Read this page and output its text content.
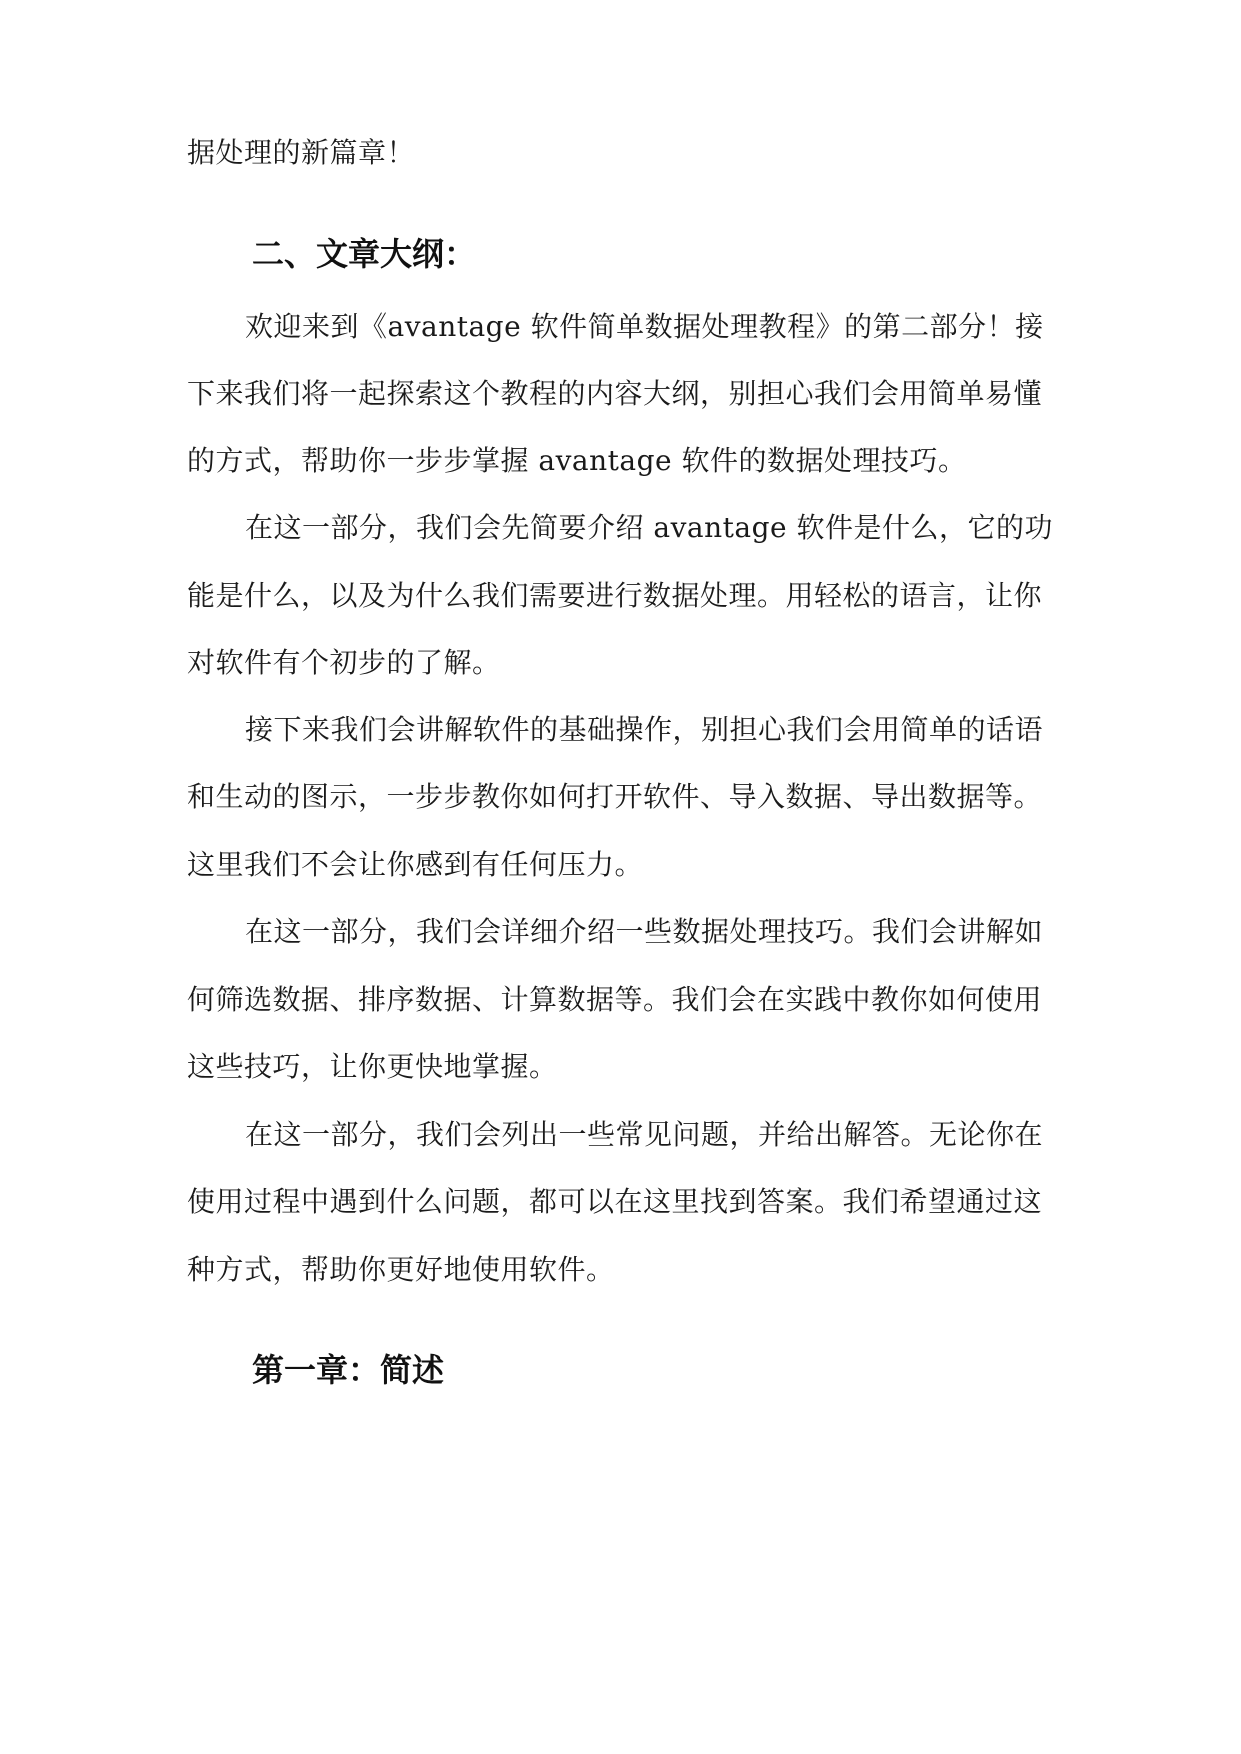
据处理的新篇章！
二、文章大纲：
欢迎来到《avantage 软件简单数据处理教程》的第二部分！接
下来我们将一起探索这个教程的内容大纲，别担心我们会用简单易懂
的方式，帮助你一步步掌握 avantage 软件的数据处理技巧。
在这一部分，我们会先简要介绍 avantage 软件是什么，它的功
能是什么，以及为什么我们需要进行数据处理。用轻松的语言，让你
对软件有个初步的了解。
接下来我们会讲解软件的基础操作，别担心我们会用简单的话语
和生动的图示，一步步教你如何打开软件、导入数据、导出数据等。
这里我们不会让你感到有任何压力。
在这一部分，我们会详细介绍一些数据处理技巧。我们会讲解如
何筛选数据、排序数据、计算数据等。我们会在实践中教你如何使用
这些技巧，让你更快地掌握。
在这一部分，我们会列出一些常见问题，并给出解答。无论你在
使用过程中遇到什么问题，都可以在这里找到答案。我们希望通过这
种方式，帮助你更好地使用软件。
第一章：简述
